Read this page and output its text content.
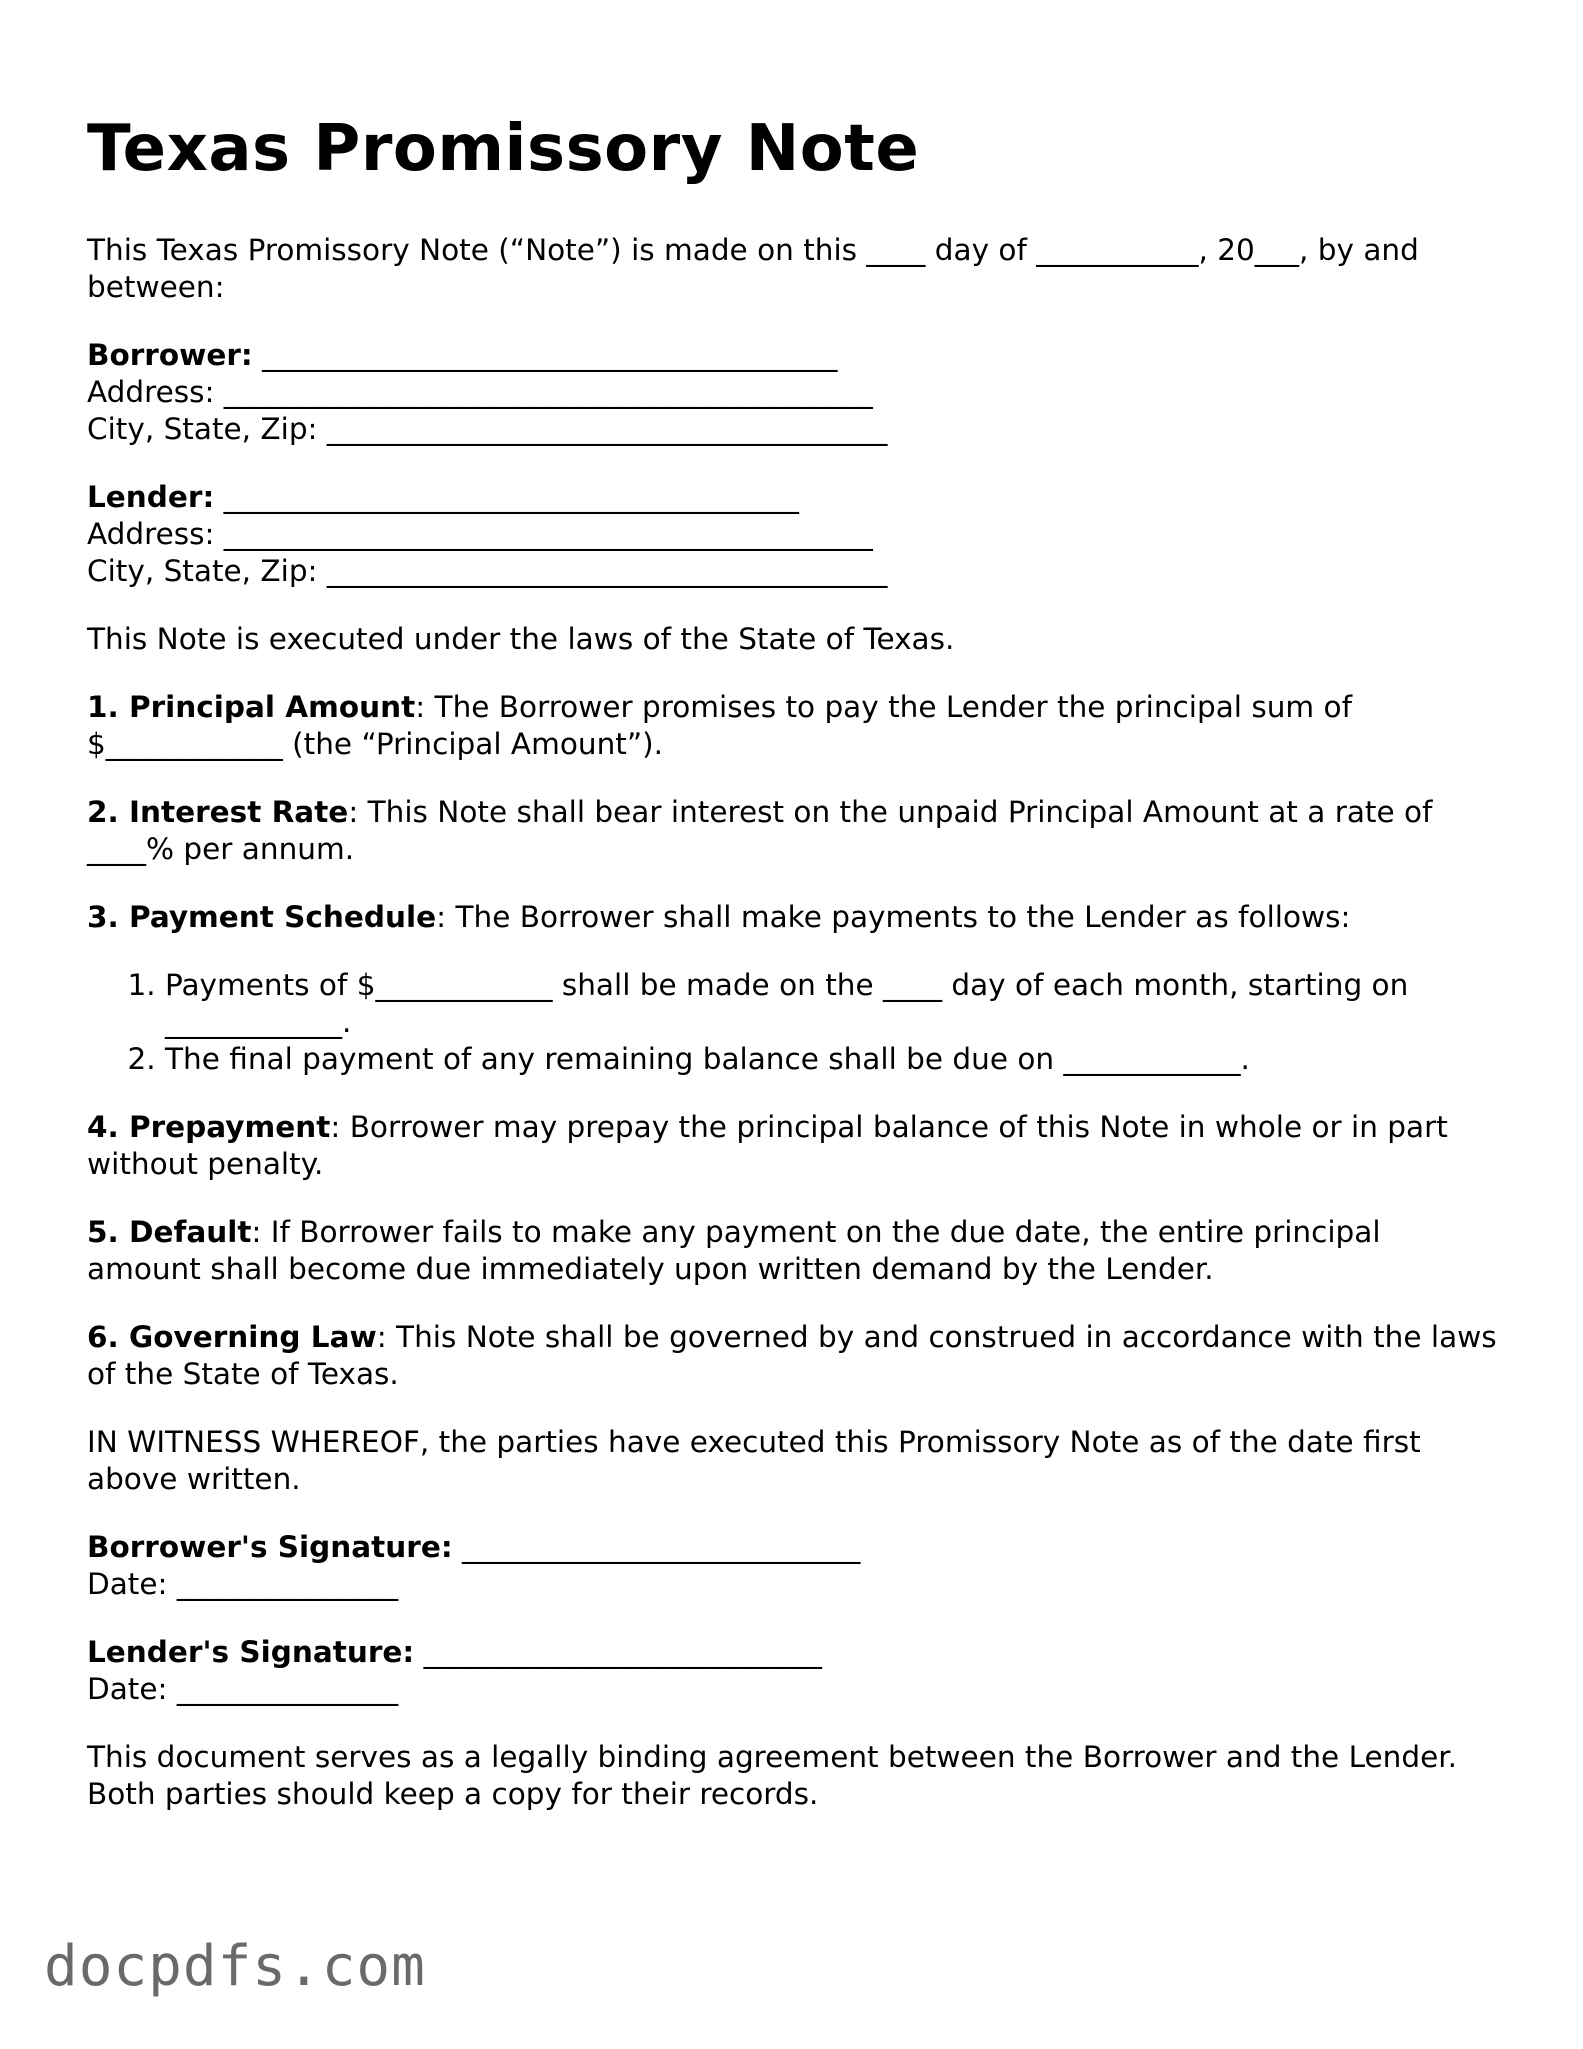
Texas Promissory Note

This Texas Promissory Note (“Note”) is made on this ____ day of ___________, 20___, by and between:

Borrower: _______________________________________
Address: ____________________________________________
City, State, Zip: ______________________________________
Lender: _______________________________________
Address: ____________________________________________
City, State, Zip: ______________________________________

This Note is executed under the laws of the State of Texas.

1. Principal Amount: The Borrower promises to pay the Lender the principal sum of $____________ (the “Principal Amount”).

2. Interest Rate: This Note shall bear interest on the unpaid Principal Amount at a rate of ____% per annum.

3. Payment Schedule: The Borrower shall make payments to the Lender as follows:

1. Payments of $____________ shall be made on the ____ day of each month, starting on ____________.
2. The final payment of any remaining balance shall be due on ____________.

4. Prepayment: Borrower may prepay the principal balance of this Note in whole or in part without penalty.

5. Default: If Borrower fails to make any payment on the due date, the entire principal amount shall become due immediately upon written demand by the Lender.

6. Governing Law: This Note shall be governed by and construed in accordance with the laws of the State of Texas.

IN WITNESS WHEREOF, the parties have executed this Promissory Note as of the date first above written.

Borrower's Signature: ___________________________
Date: _______________
Lender's Signature: ___________________________
Date: _______________

This document serves as a legally binding agreement between the Borrower and the Lender. Both parties should keep a copy for their records.

docpdfs.com
